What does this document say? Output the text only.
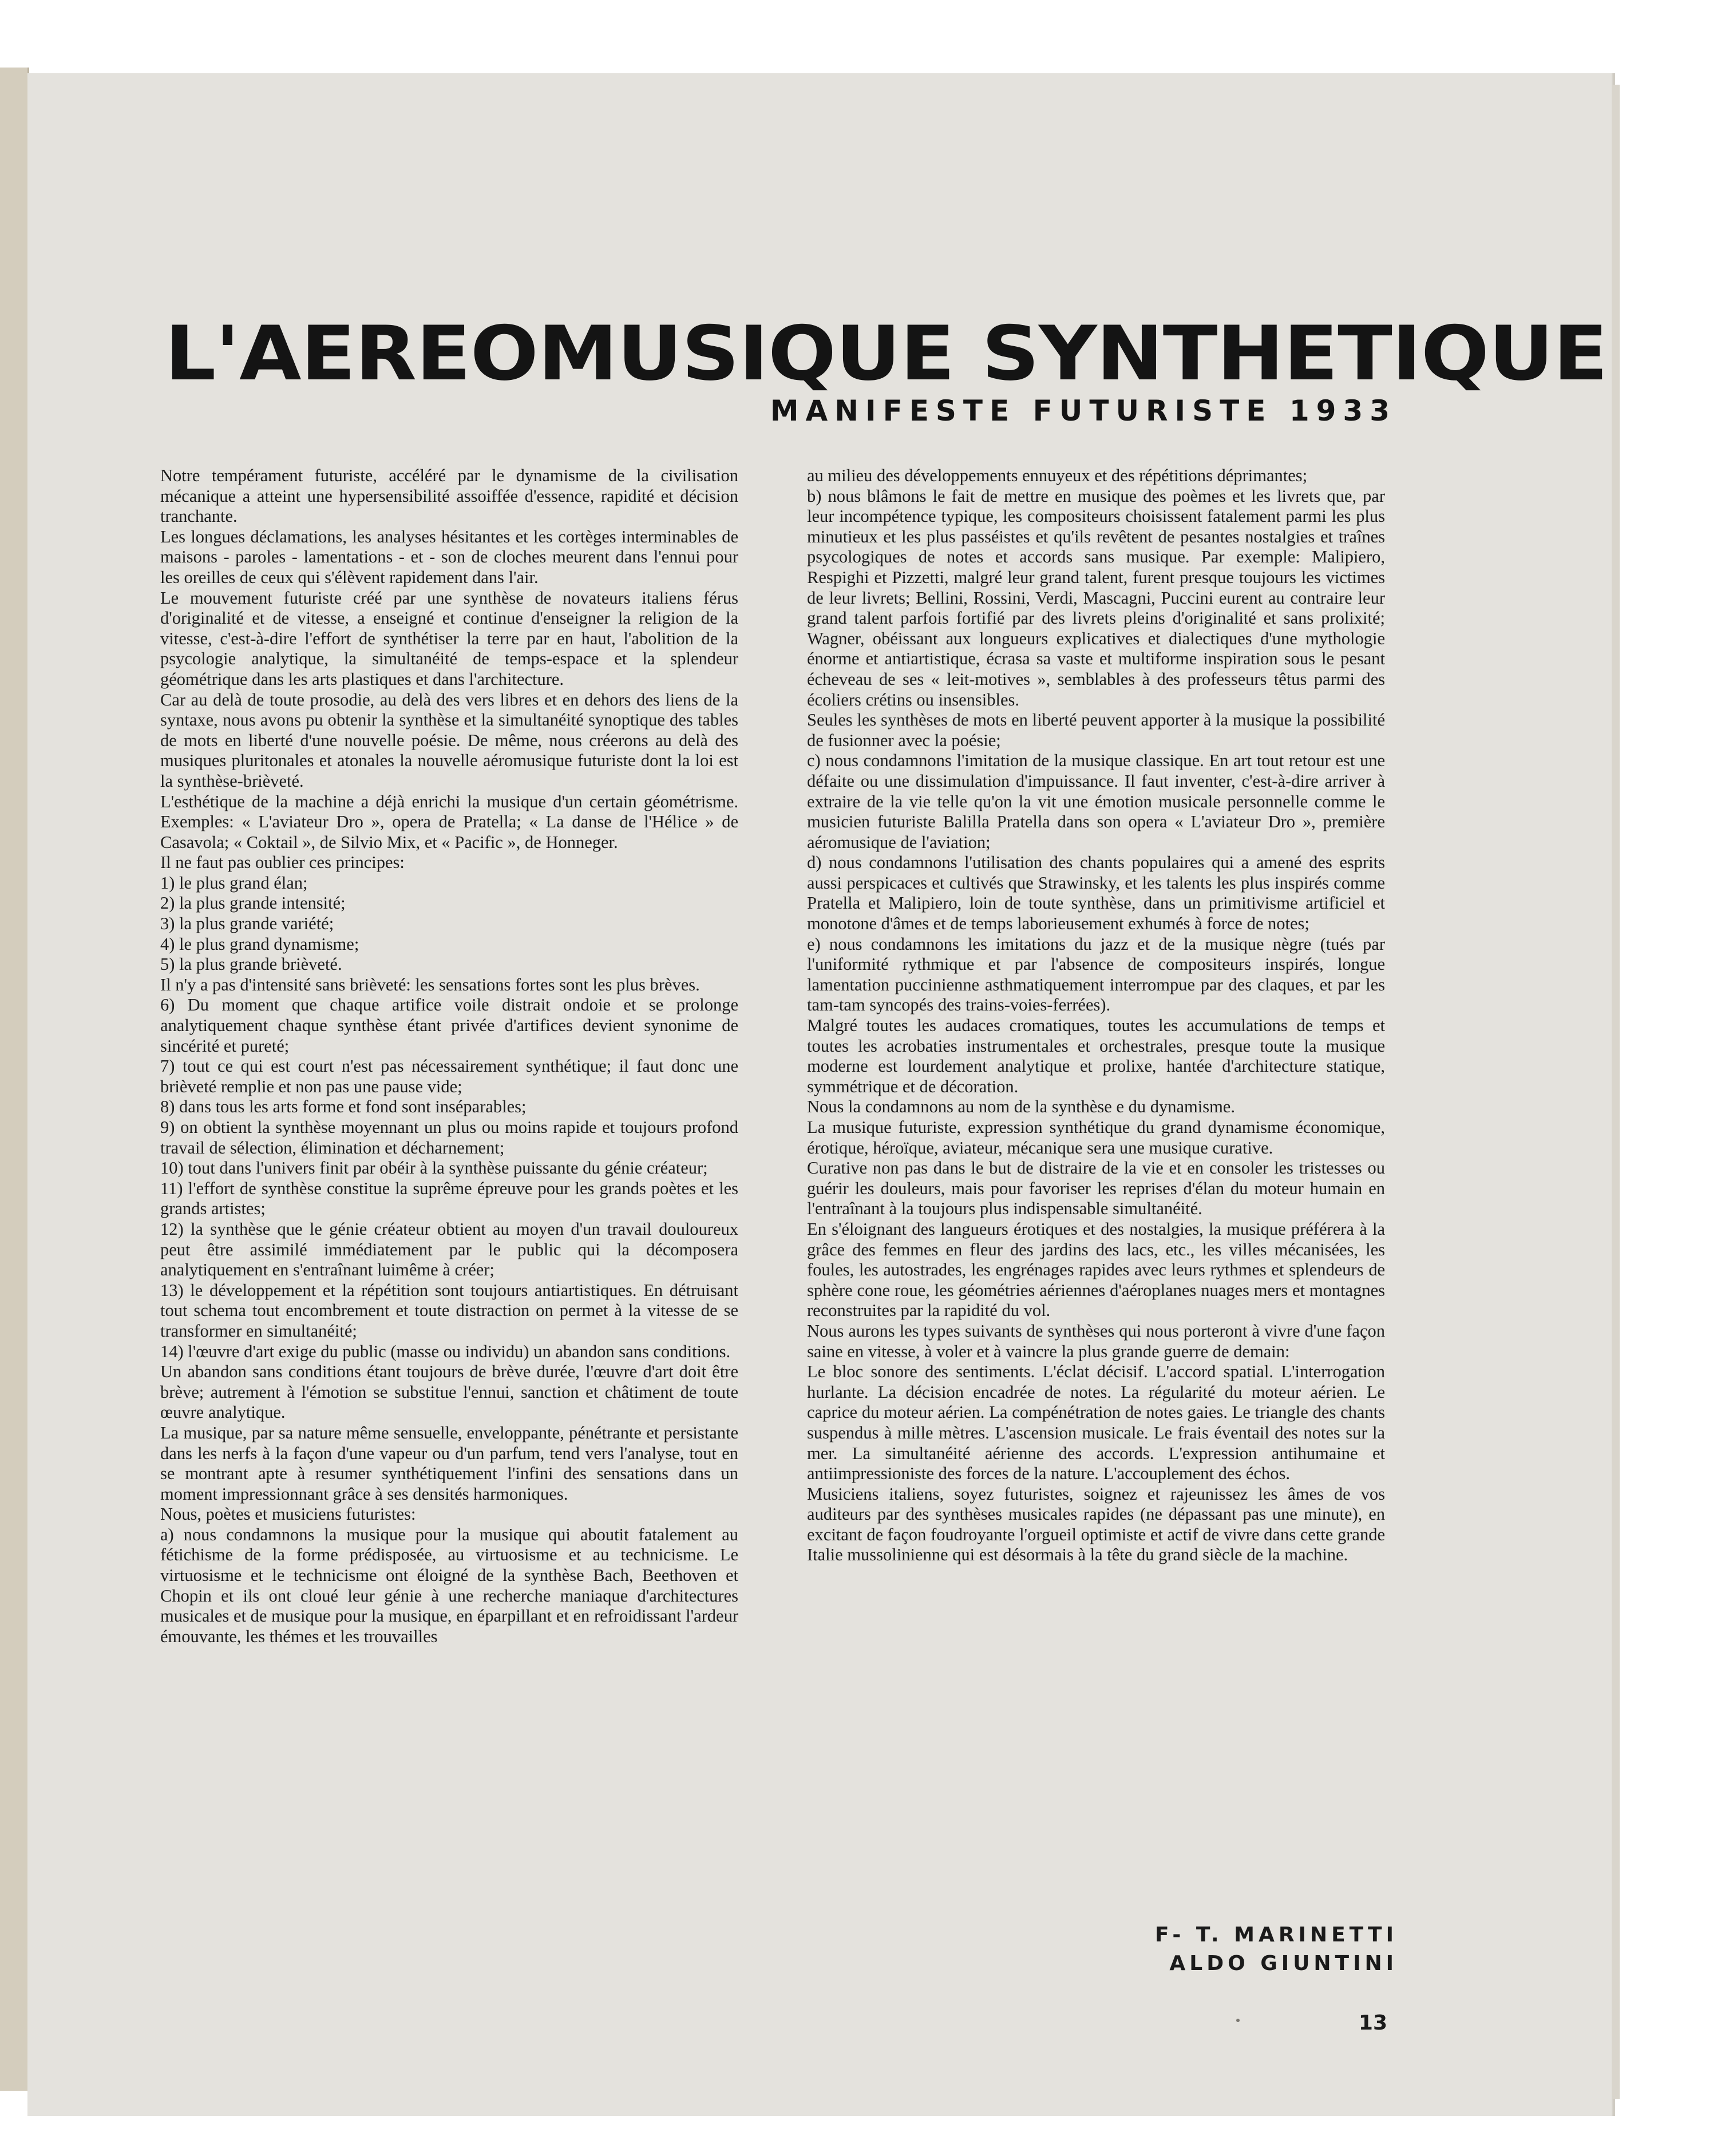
L'AEREOMUSIQUE SYNTHETIQUE
MANIFESTE FUTURISTE 1933

Notre tempérament futuriste, accéléré par le dynamisme de la civilisation mécanique a atteint une hypersensibilité assoiffée d'essence, rapidité et décision tranchante.

Les longues déclamations, les analyses hésitantes et les cortèges interminables de maisons - paroles - lamentations - et - son de cloches meurent dans l'ennui pour les oreilles de ceux qui s'élèvent rapidement dans l'air.

Le mouvement futuriste créé par une synthèse de novateurs italiens férus d'originalité et de vitesse, a enseigné et continue d'enseigner la religion de la vitesse, c'est-à-dire l'effort de synthétiser la terre par en haut, l'abolition de la psycologie analytique, la simultanéité de temps-espace et la splendeur géométrique dans les arts plastiques et dans l'architecture.

Car au delà de toute prosodie, au delà des vers libres et en dehors des liens de la syntaxe, nous avons pu obtenir la synthèse et la simultanéité synoptique des tables de mots en liberté d'une nouvelle poésie. De même, nous créerons au delà des musiques pluritonales et atonales la nouvelle aéromusique futuriste dont la loi est la synthèse-brièveté.

L'esthétique de la machine a déjà enrichi la musique d'un certain géométrisme. Exemples: « L'aviateur Dro », opera de Pratella; « La danse de l'Hélice » de Casavola; « Coktail », de Silvio Mix, et « Pacific », de Honneger.

Il ne faut pas oublier ces principes:

1) le plus grand élan;

2) la plus grande intensité;

3) la plus grande variété;

4) le plus grand dynamisme;

5) la plus grande brièveté.

Il n'y a pas d'intensité sans brièveté: les sensations fortes sont les plus brèves.

6) Du moment que chaque artifice voile distrait ondoie et se prolonge analytiquement chaque synthèse étant privée d'artifices devient synonime de sincérité et pureté;

7) tout ce qui est court n'est pas nécessairement synthétique; il faut donc une brièveté remplie et non pas une pause vide;

8) dans tous les arts forme et fond sont inséparables;

9) on obtient la synthèse moyennant un plus ou moins rapide et toujours profond travail de sélection, élimination et décharnement;

10) tout dans l'univers finit par obéir à la synthèse puissante du génie créateur;

11) l'effort de synthèse constitue la suprême épreuve pour les grands poètes et les grands artistes;

12) la synthèse que le génie créateur obtient au moyen d'un travail douloureux peut être assimilé immédiatement par le public qui la décomposera analytiquement en s'entraînant luimême à créer;

13) le développement et la répétition sont toujours antiartistiques. En détruisant tout schema tout encombrement et toute distraction on permet à la vitesse de se transformer en simultanéité;

14) l'œuvre d'art exige du public (masse ou individu) un abandon sans conditions.

Un abandon sans conditions étant toujours de brève durée, l'œuvre d'art doit être brève; autrement à l'émotion se substitue l'ennui, sanction et châtiment de toute œuvre analytique.

La musique, par sa nature même sensuelle, enveloppante, pénétrante et persistante dans les nerfs à la façon d'une vapeur ou d'un parfum, tend vers l'analyse, tout en se montrant apte à resumer synthétiquement l'infini des sensations dans un moment impressionnant grâce à ses densités harmoniques.

Nous, poètes et musiciens futuristes:

a) nous condamnons la musique pour la musique qui aboutit fatalement au fétichisme de la forme prédisposée, au virtuosisme et au technicisme. Le virtuosisme et le technicisme ont éloigné de la synthèse Bach, Beethoven et Chopin et ils ont cloué leur génie à une recherche maniaque d'architectures musicales et de musique pour la musique, en éparpillant et en refroidissant l'ardeur émouvante, les thémes et les trouvailles

au milieu des développements ennuyeux et des répétitions déprimantes;

b) nous blâmons le fait de mettre en musique des poèmes et les livrets que, par leur incompétence typique, les compositeurs choisissent fatalement parmi les plus minutieux et les plus passéistes et qu'ils revêtent de pesantes nostalgies et traînes psycologiques de notes et accords sans musique. Par exemple: Malipiero, Respighi et Pizzetti, malgré leur grand talent, furent presque toujours les victimes de leur livrets; Bellini, Rossini, Verdi, Mascagni, Puccini eurent au contraire leur grand talent parfois fortifié par des livrets pleins d'originalité et sans prolixité; Wagner, obéissant aux longueurs explicatives et dialectiques d'une mythologie énorme et antiartistique, écrasa sa vaste et multiforme inspiration sous le pesant écheveau de ses « leit-motives », semblables à des professeurs têtus parmi des écoliers crétins ou insensibles.

Seules les synthèses de mots en liberté peuvent apporter à la musique la possibilité de fusionner avec la poésie;

c) nous condamnons l'imitation de la musique classique. En art tout retour est une défaite ou une dissimulation d'impuissance. Il faut inventer, c'est-à-dire arriver à extraire de la vie telle qu'on la vit une émotion musicale personnelle comme le musicien futuriste Balilla Pratella dans son opera « L'aviateur Dro », première aéromusique de l'aviation;

d) nous condamnons l'utilisation des chants populaires qui a amené des esprits aussi perspicaces et cultivés que Strawinsky, et les talents les plus inspirés comme Pratella et Malipiero, loin de toute synthèse, dans un primitivisme artificiel et monotone d'âmes et de temps laborieusement exhumés à force de notes;

e) nous condamnons les imitations du jazz et de la musique nègre (tués par l'uniformité rythmique et par l'absence de compositeurs inspirés, longue lamentation puccinienne asthmatiquement interrompue par des claques, et par les tam-tam syncopés des trains-voies-ferrées).

Malgré toutes les audaces cromatiques, toutes les accumulations de temps et toutes les acrobaties instrumentales et orchestrales, presque toute la musique moderne est lourdement analytique et prolixe, hantée d'architecture statique, symmétrique et de décoration.

Nous la condamnons au nom de la synthèse e du dynamisme.

La musique futuriste, expression synthétique du grand dynamisme économique, érotique, héroïque, aviateur, mécanique sera une musique curative.

Curative non pas dans le but de distraire de la vie et en consoler les tristesses ou guérir les douleurs, mais pour favoriser les reprises d'élan du moteur humain en l'entraînant à la toujours plus indispensable simultanéité.

En s'éloignant des langueurs érotiques et des nostalgies, la musique préférera à la grâce des femmes en fleur des jardins des lacs, etc., les villes mécanisées, les foules, les autostrades, les engrénages rapides avec leurs rythmes et splendeurs de sphère cone roue, les géométries aériennes d'aéroplanes nuages mers et montagnes reconstruites par la rapidité du vol.

Nous aurons les types suivants de synthèses qui nous porteront à vivre d'une façon saine en vitesse, à voler et à vaincre la plus grande guerre de demain:

Le bloc sonore des sentiments. L'éclat décisif. L'accord spatial. L'interrogation hurlante. La décision encadrée de notes. La régularité du moteur aérien. Le caprice du moteur aérien. La compénétration de notes gaies. Le triangle des chants suspendus à mille mètres. L'ascension musicale. Le frais éventail des notes sur la mer. La simultanéité aérienne des accords. L'expression antihumaine et antiimpressioniste des forces de la nature. L'accouplement des échos.

Musiciens italiens, soyez futuristes, soignez et rajeunissez les âmes de vos auditeurs par des synthèses musicales rapides (ne dépassant pas une minute), en excitant de façon foudroyante l'orgueil optimiste et actif de vivre dans cette grande Italie mussolinienne qui est désormais à la tête du grand siècle de la machine.

F- T. MARINETTI

ALDO GIUNTINI

13
